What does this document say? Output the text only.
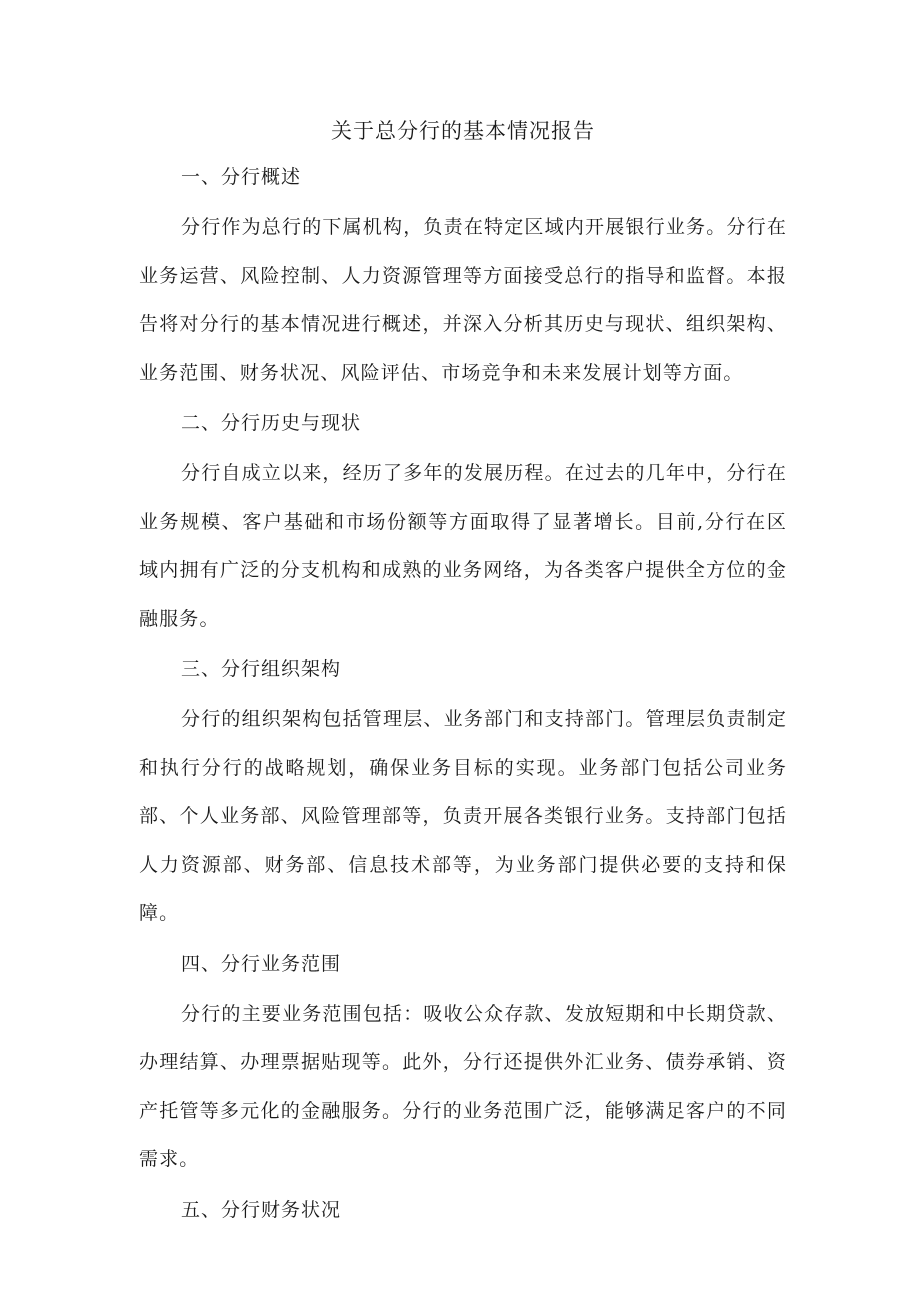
关于总分行的基本情况报告
一、分行概述

分行作为总行的下属机构，负责在特定区域内开展银行业务。分行在业务运营、风险控制、人力资源管理等方面接受总行的指导和监督。本报告将对分行的基本情况进行概述，并深入分析其历史与现状、组织架构、业务范围、财务状况、风险评估、市场竞争和未来发展计划等方面。

二、分行历史与现状

分行自成立以来，经历了多年的发展历程。在过去的几年中，分行在业务规模、客户基础和市场份额等方面取得了显著增长。目前,分行在区域内拥有广泛的分支机构和成熟的业务网络，为各类客户提供全方位的金融服务。

三、分行组织架构

分行的组织架构包括管理层、业务部门和支持部门。管理层负责制定和执行分行的战略规划，确保业务目标的实现。业务部门包括公司业务部、个人业务部、风险管理部等，负责开展各类银行业务。支持部门包括人力资源部、财务部、信息技术部等，为业务部门提供必要的支持和保障。

四、分行业务范围

分行的主要业务范围包括：吸收公众存款、发放短期和中长期贷款、办理结算、办理票据贴现等。此外，分行还提供外汇业务、债券承销、资产托管等多元化的金融服务。分行的业务范围广泛，能够满足客户的不同需求。

五、分行财务状况
